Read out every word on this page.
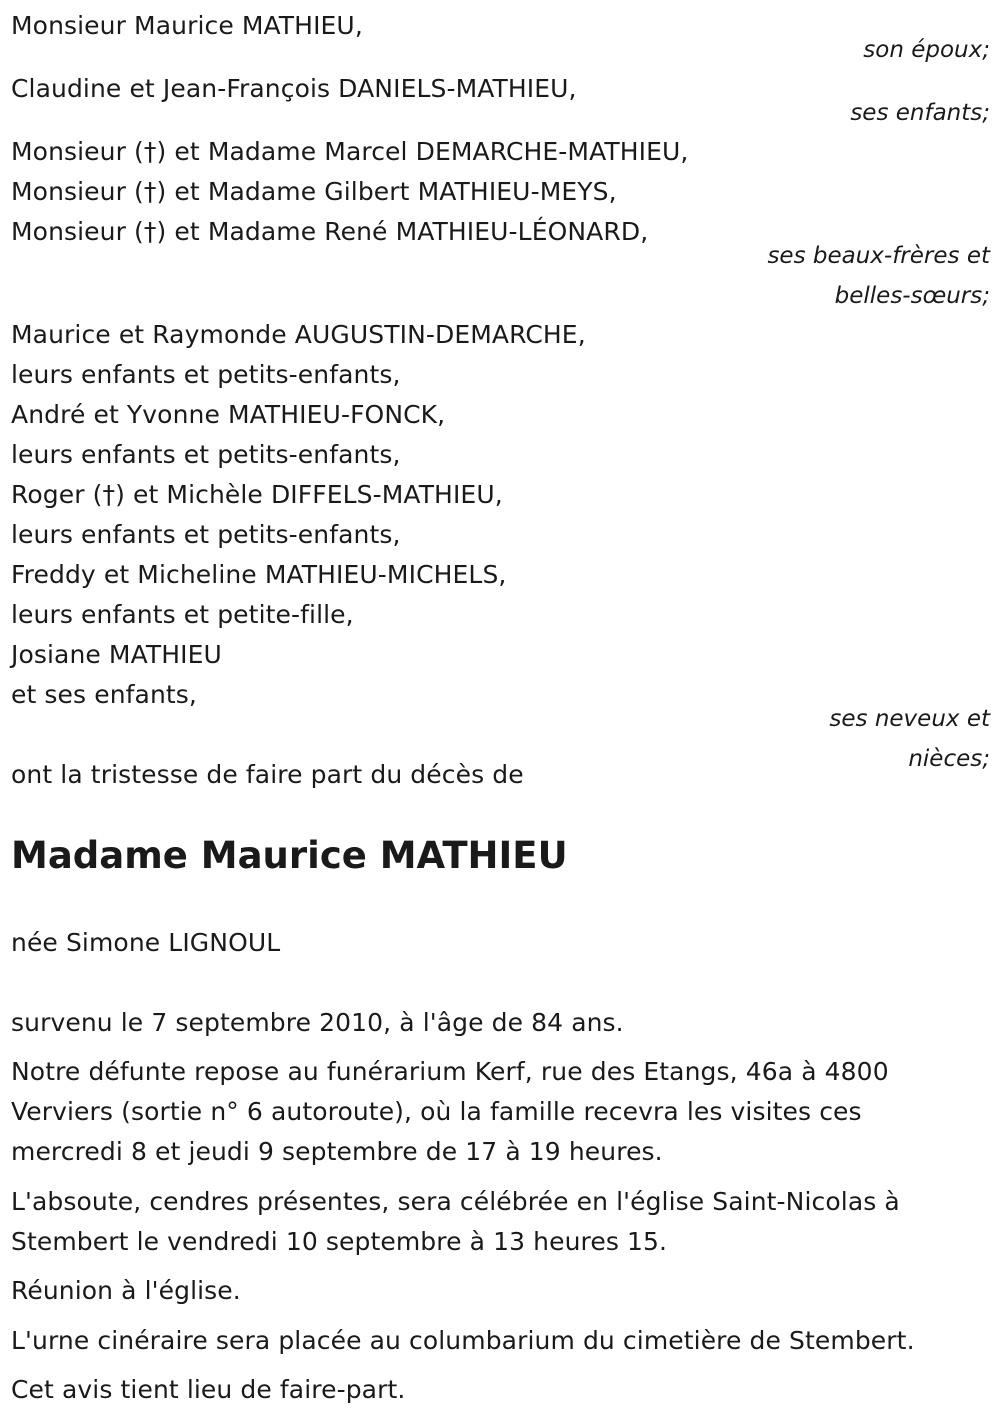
Monsieur Maurice MATHIEU,
son époux;
Claudine et Jean-François DANIELS-MATHIEU,
ses enfants;
Monsieur (†) et Madame Marcel DEMARCHE-MATHIEU,
Monsieur (†) et Madame Gilbert MATHIEU-MEYS,
Monsieur (†) et Madame René MATHIEU-LÉONARD,
ses beaux-frères et
belles-sœurs;
Maurice et Raymonde AUGUSTIN-DEMARCHE,
leurs enfants et petits-enfants,
André et Yvonne MATHIEU-FONCK,
leurs enfants et petits-enfants,
Roger (†) et Michèle DIFFELS-MATHIEU,
leurs enfants et petits-enfants,
Freddy et Micheline MATHIEU-MICHELS,
leurs enfants et petite-fille,
Josiane MATHIEU
et ses enfants,
ses neveux et
nièces;
ont la tristesse de faire part du décès de
Madame Maurice MATHIEU
née Simone LIGNOUL
survenu le 7 septembre 2010, à l'âge de 84 ans.
Notre défunte repose au funérarium Kerf, rue des Etangs, 46a à 4800
Verviers (sortie n° 6 autoroute), où la famille recevra les visites ces
mercredi 8 et jeudi 9 septembre de 17 à 19 heures.
L'absoute, cendres présentes, sera célébrée en l'église Saint-Nicolas à
Stembert le vendredi 10 septembre à 13 heures 15.
Réunion à l'église.
L'urne cinéraire sera placée au columbarium du cimetière de Stembert.
Cet avis tient lieu de faire-part.
